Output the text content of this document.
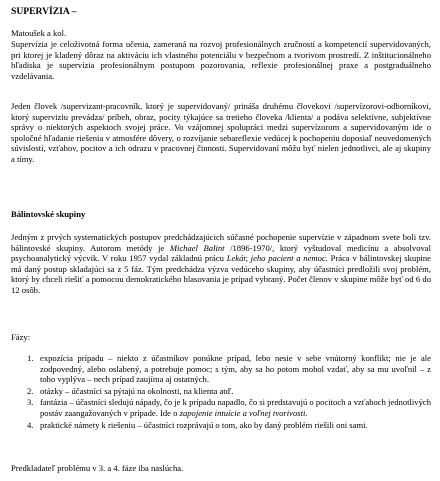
SUPERVÍZIA –

Matoušek a kol.

Supervízia je celoživotná forma učenia, zameraná na rozvoj profesionálnych zručností a kompetencií supervidovaných, pri ktorej je kladený dôraz na aktiváciu ich vlastného potenciálu v bezpečnom a tvorivom prostredí. Z inštitucionálneho hľadiska je supervízia profesionálnym postupom pozorovania, reflexie profesionálnej praxe a postgraduálneho vzdelávania.

Jeden človek /supervizant-pracovník, ktorý je supervidovaný/ prináša druhému človekovi /supervízorovi-odborníkovi, ktorý superviziu prevádza/ príbeh, obraz, pocity týkajúce sa tretieho človeka /klienta/ a podáva selektívne, subjektívne správy o niektorých aspektoch svojej práce. Vo vzájomnej spolupráci medzi supervízorom a supervidovaným ide o spoločné hľadanie riešenia v atmosfére dôvery, o rozvíjanie sebareflexie vedúcej k pochopeniu doposiaľ neuvedomených súvislostí, vzťahov, pocitov a ich odrazu v pracovnej činnosti. Supervidovaní môžu byť nielen jednotlivci, ale aj skupiny a tímy.

Bálintovské skupiny

Jedným z prvých systematických postupov predchádzajúcich súčasné pochopenie supervízie v západnom svete boli tzv. bálintovské skupiny. Autorom metódy je Michael Balint /1896-1970/, ktorý vyštudoval medicínu a absolvoval psychoanalytický výcvik. V roku 1957 vydal základnú prácu Lekár, jeho pacient a nemoc. Práca v bálintovskej skupine má daný postup skladajúci sa z 5 fáz. Tým predchádza výzva vedúceho skupiny, aby účastníci predložili svoj problém, ktorý by chceli riešiť a pomocou demokratického hlasovania je prípad vybraný. Počet členov v skupine môže byť od 6 do 12 osôb.

Fázy:

1. expozícia prípadu – niekto z účastníkov ponúkne prípad, lebo nesie v sebe vnútorný konflikt; nie je ale zodpovedný, alebo oslabený, a potrebuje pomoc; s tým, aby sa ho potom mohol vzdať, aby sa mu uvoľnil – z toho vyplýva – nech prípad zaujíma aj ostatných.
2. otázky – účastníci sa pýtajú na okolnosti, na klienta atď.
3. fantázia – účastníci sledujú nápady, čo je k prípadu napadlo, čo si predstavujú o pocitoch a vzťahoch jednotlivých postáv zaangažovaných v prípade. Ide o zapojenie intuície a voľnej tvorivosti.
4. praktické námety k riešeniu – účastníci rozprávajú o tom, ako by daný problém riešili oni sami.

Predkladateľ problému v 3. a 4. fáze iba naslúcha.
